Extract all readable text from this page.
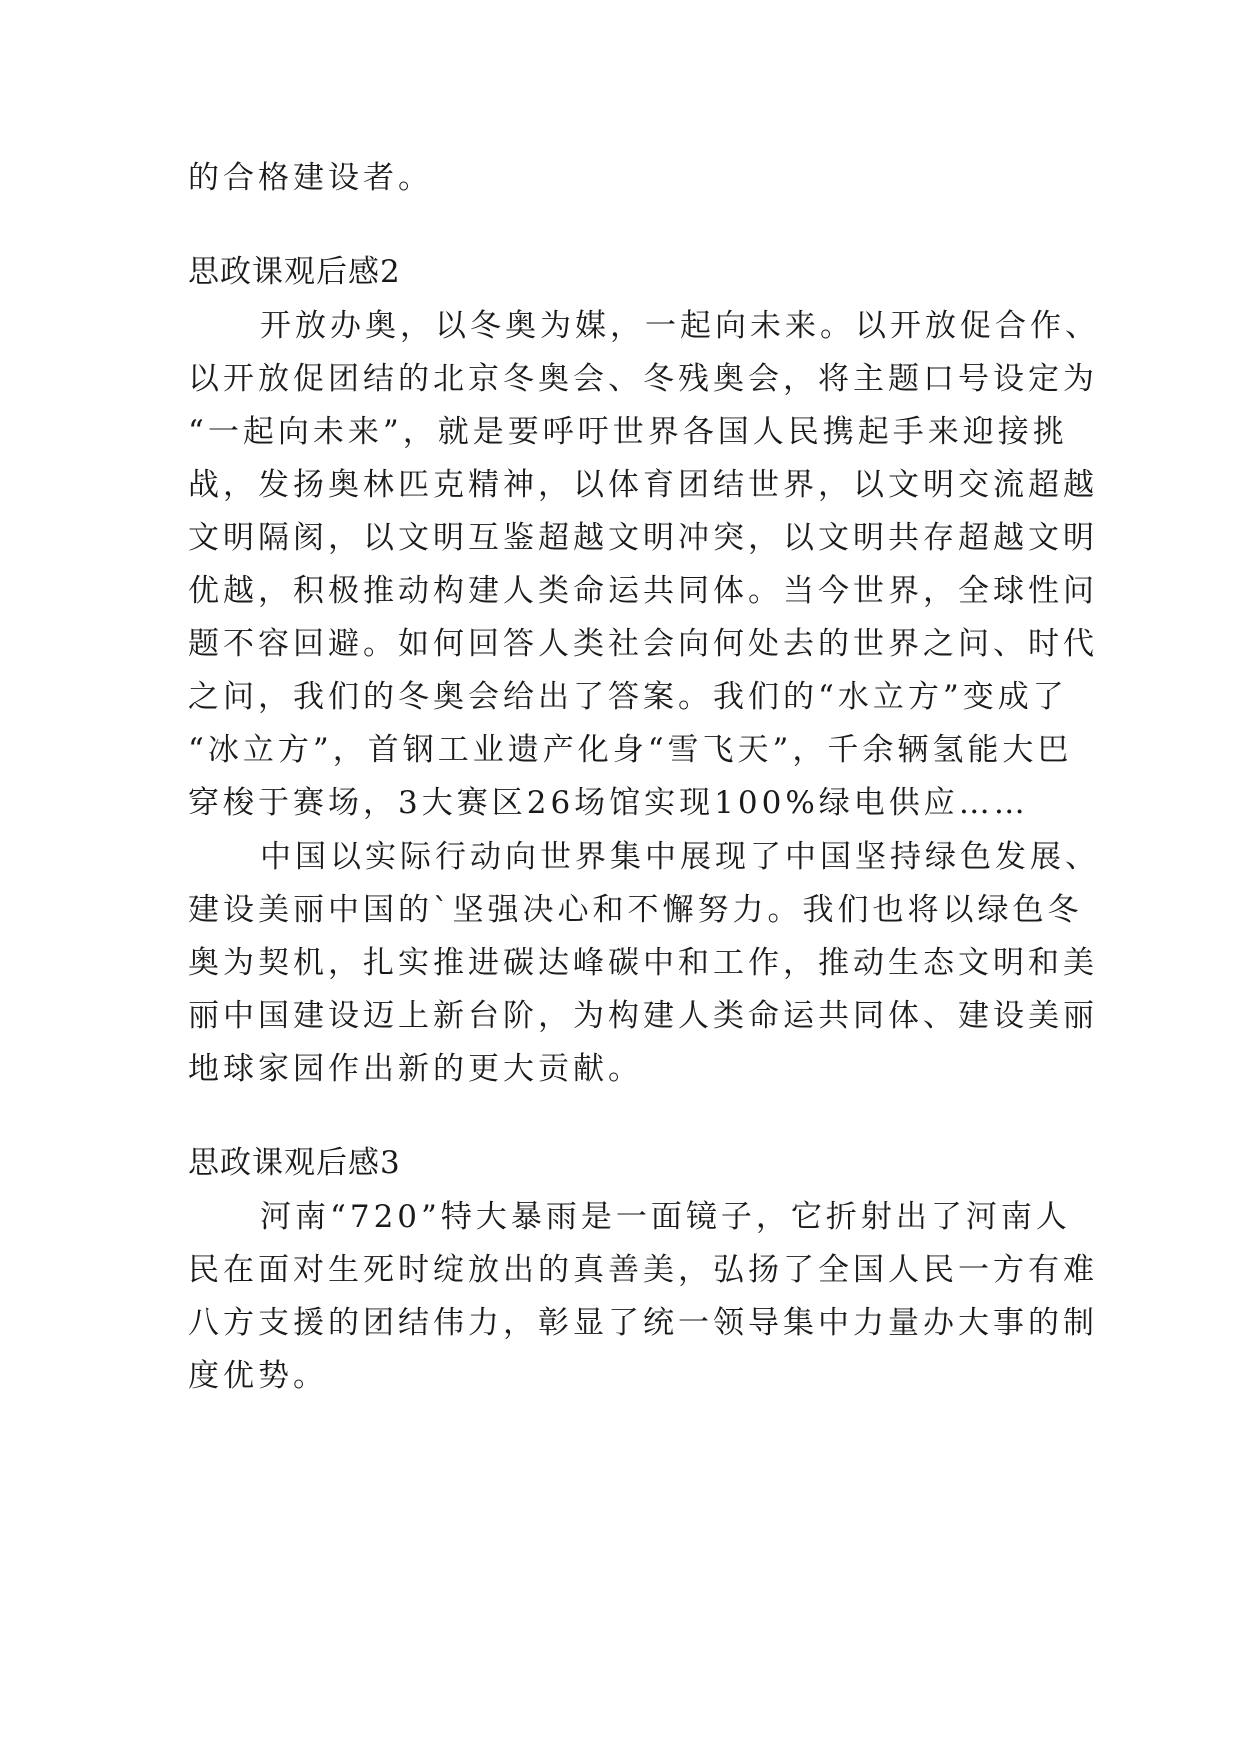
的合格建设者。
思政课观后感2
开放办奥，以冬奥为媒，一起向未来。以开放促合作、
以开放促团结的北京冬奥会、冬残奥会，将主题口号设定为
“一起向未来”，就是要呼吁世界各国人民携起手来迎接挑
战，发扬奥林匹克精神，以体育团结世界，以文明交流超越
文明隔阂，以文明互鉴超越文明冲突，以文明共存超越文明
优越，积极推动构建人类命运共同体。当今世界，全球性问
题不容回避。如何回答人类社会向何处去的世界之问、时代
之问，我们的冬奥会给出了答案。我们的“水立方”变成了
“冰立方”，首钢工业遗产化身“雪飞天”，千余辆氢能大巴
穿梭于赛场，3大赛区26场馆实现100%绿电供应……
中国以实际行动向世界集中展现了中国坚持绿色发展、
建设美丽中国的`坚强决心和不懈努力。我们也将以绿色冬
奥为契机，扎实推进碳达峰碳中和工作，推动生态文明和美
丽中国建设迈上新台阶，为构建人类命运共同体、建设美丽
地球家园作出新的更大贡献。
思政课观后感3
河南“720”特大暴雨是一面镜子，它折射出了河南人
民在面对生死时绽放出的真善美，弘扬了全国人民一方有难
八方支援的团结伟力，彰显了统一领导集中力量办大事的制
度优势。
